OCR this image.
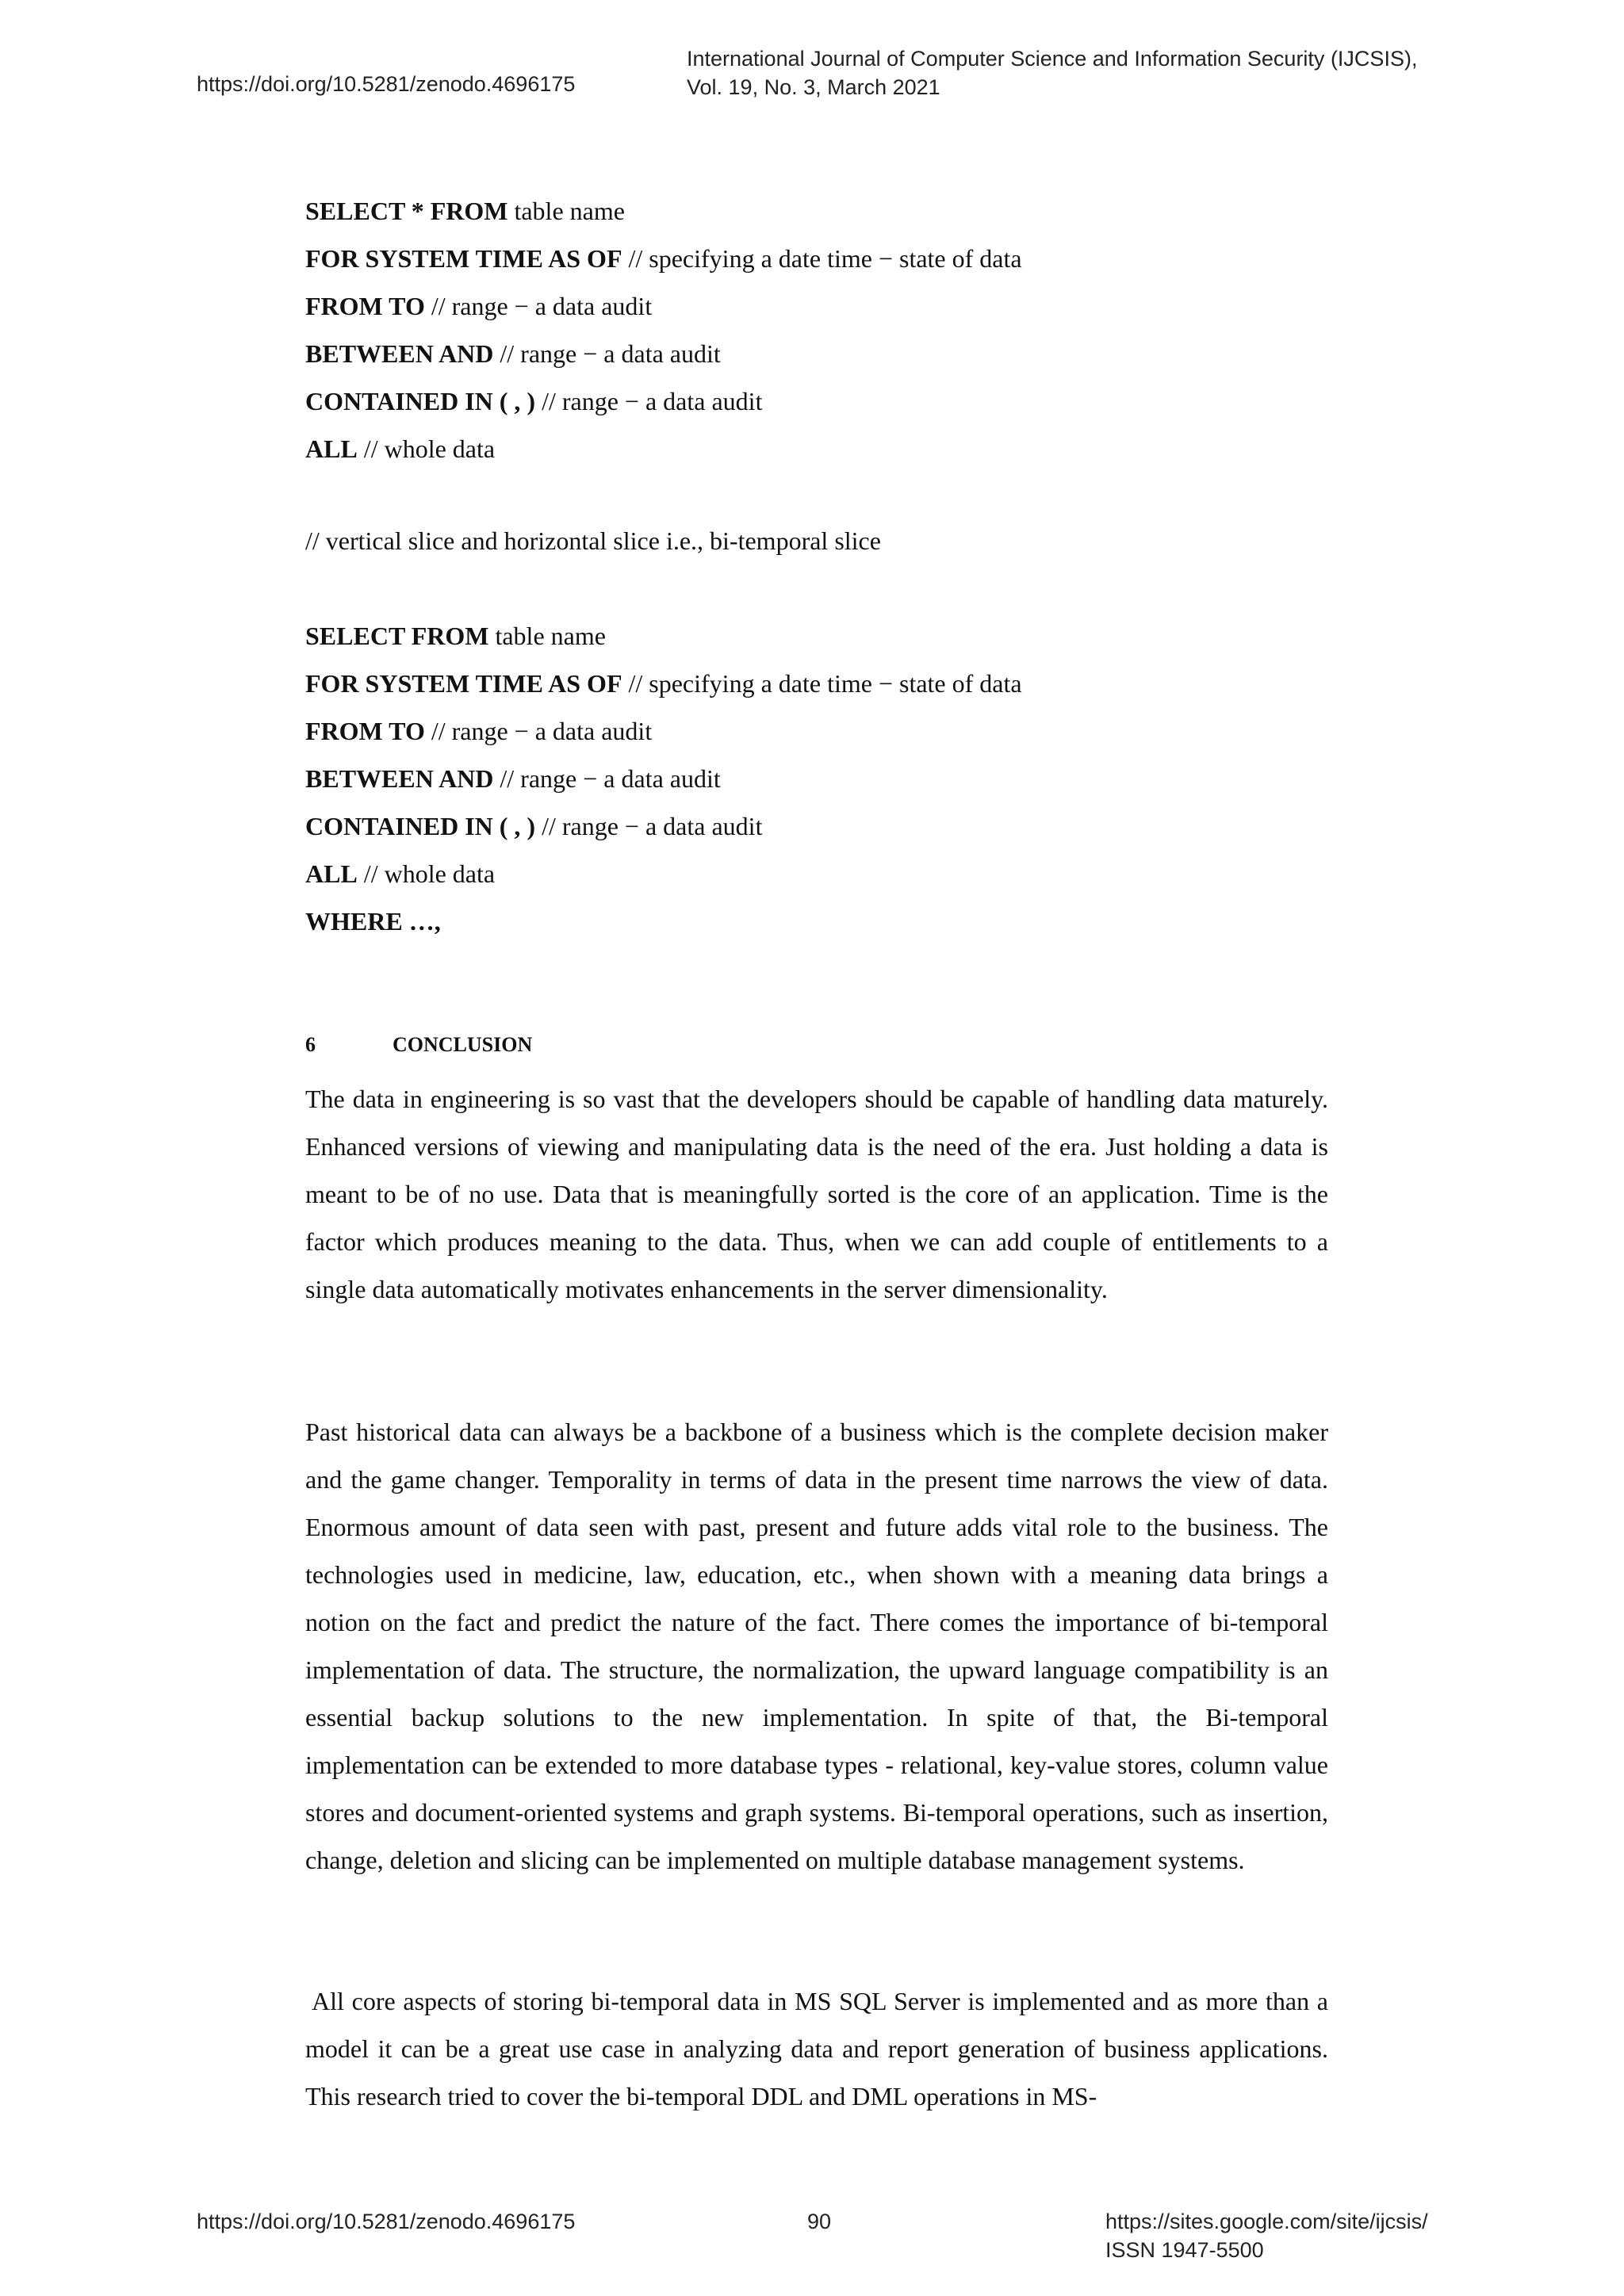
https://doi.org/10.5281/zenodo.4696175
International Journal of Computer Science and Information Security (IJCSIS),
Vol. 19, No. 3, March 2021
SELECT * FROM table name
FOR SYSTEM TIME AS OF // specifying a date time − state of data
FROM TO // range − a data audit
BETWEEN AND // range − a data audit
CONTAINED IN ( , ) // range − a data audit
ALL // whole data
// vertical slice and horizontal slice i.e., bi-temporal slice
SELECT FROM table name
FOR SYSTEM TIME AS OF // specifying a date time − state of data
FROM TO // range − a data audit
BETWEEN AND // range − a data audit
CONTAINED IN ( , ) // range − a data audit
ALL // whole data
WHERE …,
6	CONCLUSION

The data in engineering is so vast that the developers should be capable of handling data maturely. Enhanced versions of viewing and manipulating data is the need of the era. Just holding a data is meant to be of no use. Data that is meaningfully sorted is the core of an application. Time is the factor which produces meaning to the data. Thus, when we can add couple of entitlements to a single data automatically motivates enhancements in the server dimensionality.

Past historical data can always be a backbone of a business which is the complete decision maker and the game changer. Temporality in terms of data in the present time narrows the view of data. Enormous amount of data seen with past, present and future adds vital role to the business. The technologies used in medicine, law, education, etc., when shown with a meaning data brings a notion on the fact and predict the nature of the fact. There comes the importance of bi-temporal implementation of data. The structure, the normalization, the upward language compatibility is an essential backup solutions to the new implementation. In spite of that, the Bi-temporal implementation can be extended to more database types - relational, key-value stores, column value stores and document-oriented systems and graph systems. Bi-temporal operations, such as insertion, change, deletion and slicing can be implemented on multiple database management systems.

All core aspects of storing bi-temporal data in MS SQL Server is implemented and as more than a model it can be a great use case in analyzing data and report generation of business applications. This research tried to cover the bi-temporal DDL and DML operations in MS-

https://doi.org/10.5281/zenodo.4696175	90	https://sites.google.com/site/ijcsis/
ISSN 1947-5500
